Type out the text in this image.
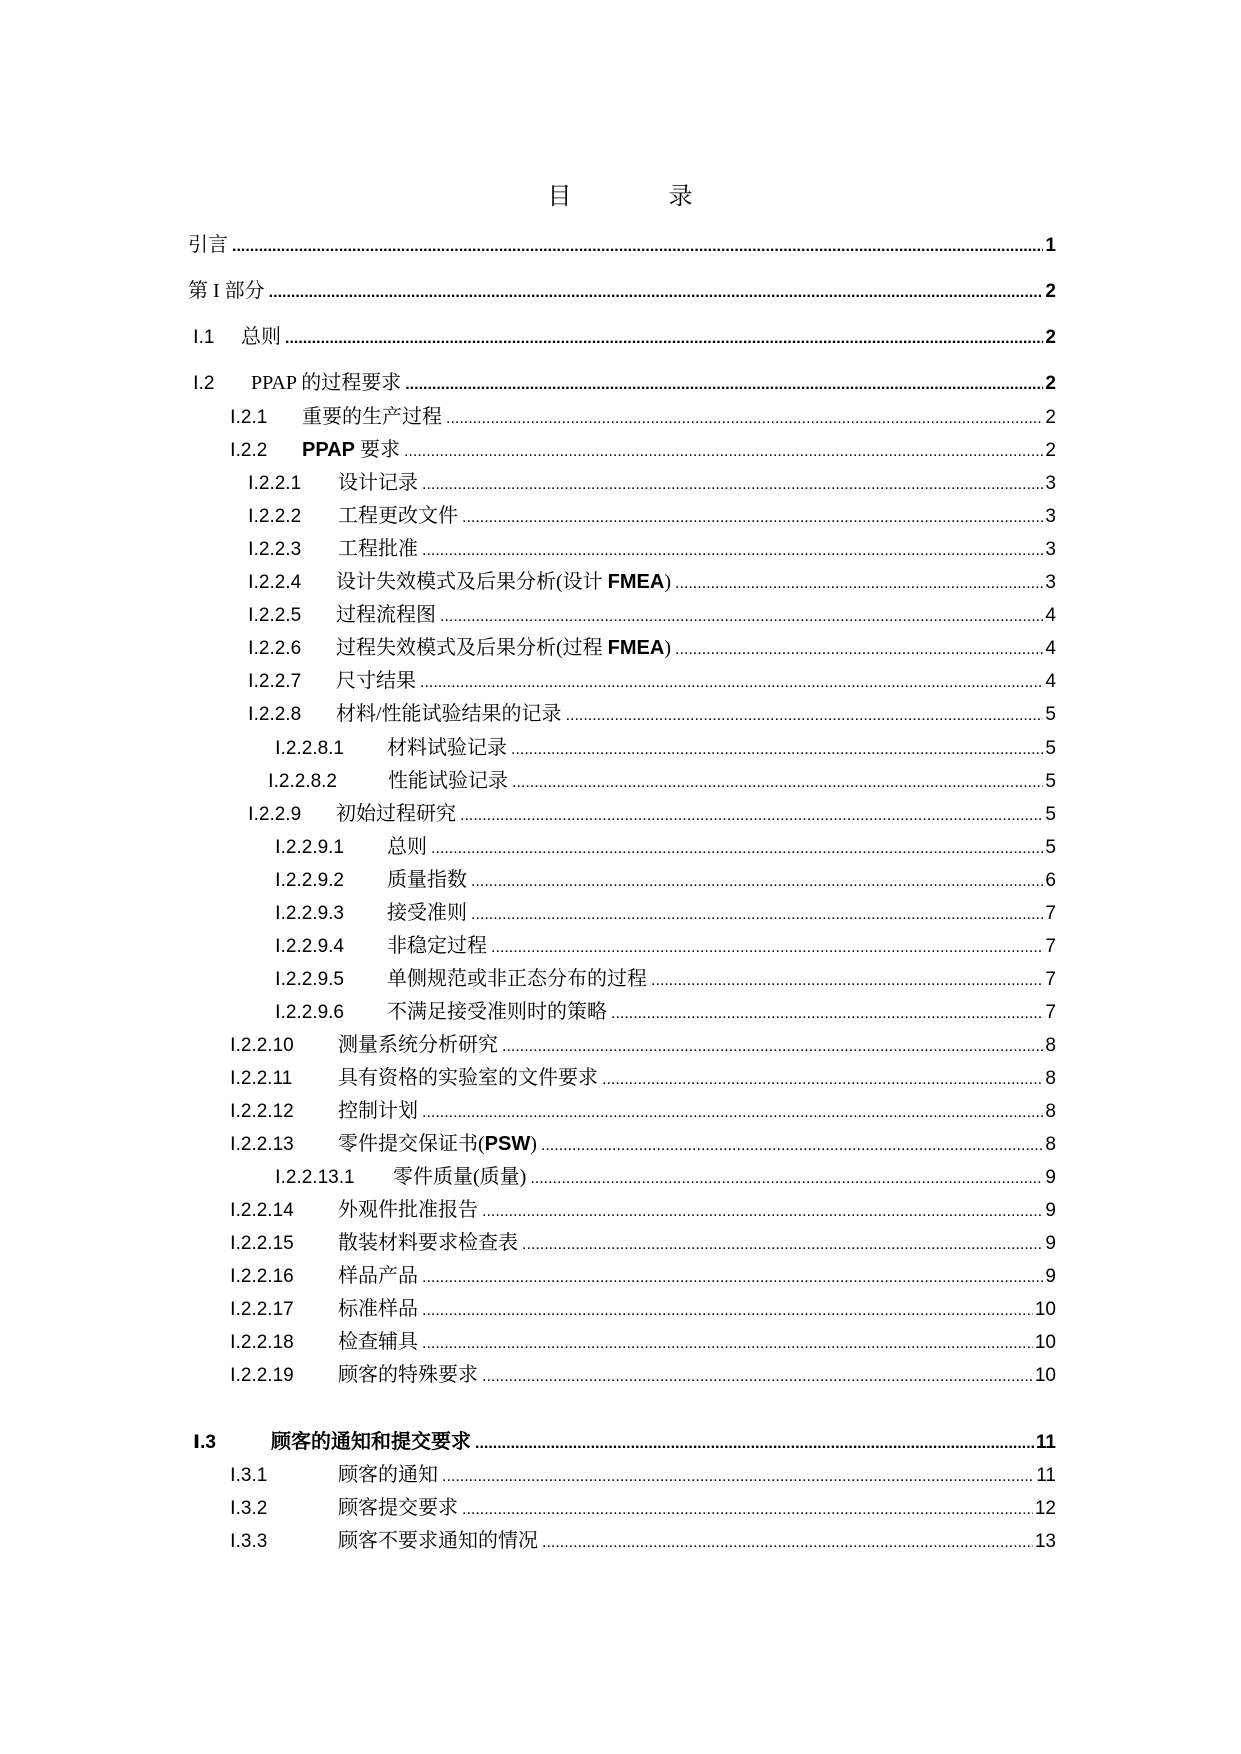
目	录
引言 .....	1
第 I 部分 .....	2
Ⅰ.1	总则 .....	2
Ⅰ.2	PPAP 的过程要求 .....	2
Ⅰ.2.1	重要的生产过程 .....	2
Ⅰ.2.2	PPAP 要求 .....	2
Ⅰ.2.2.1	设计记录 .....	3
Ⅰ.2.2.2	工程更改文件 .....	3
Ⅰ.2.2.3	工程批准 .....	3
Ⅰ.2.2.4	设计失效模式及后果分析(设计 FMEA) .....	3
Ⅰ.2.2.5	过程流程图 .....	4
Ⅰ.2.2.6	过程失效模式及后果分析(过程 FMEA) .....	4
Ⅰ.2.2.7	尺寸结果 .....	4
Ⅰ.2.2.8	材料/性能试验结果的记录 .....	5
Ⅰ.2.2.8.1	材料试验记录 .....	5
Ⅰ.2.2.8.2	性能试验记录 .....	5
Ⅰ.2.2.9	初始过程研究 .....	5
Ⅰ.2.2.9.1	总则 .....	5
Ⅰ.2.2.9.2	质量指数 .....	6
Ⅰ.2.2.9.3	接受准则 .....	7
Ⅰ.2.2.9.4	非稳定过程 .....	7
Ⅰ.2.2.9.5	单侧规范或非正态分布的过程 .....	7
Ⅰ.2.2.9.6	不满足接受准则时的策略 .....	7
Ⅰ.2.2.10	测量系统分析研究 .....	8
Ⅰ.2.2.11	具有资格的实验室的文件要求 .....	8
Ⅰ.2.2.12	控制计划 .....	8
Ⅰ.2.2.13	零件提交保证书(PSW) .....	8
Ⅰ.2.2.13.1	零件质量(质量) .....	9
Ⅰ.2.2.14	外观件批准报告 .....	9
Ⅰ.2.2.15	散装材料要求检查表 .....	9
Ⅰ.2.2.16	样品产品 .....	9
Ⅰ.2.2.17	标准样品 .....	10
Ⅰ.2.2.18	检查辅具 .....	10
Ⅰ.2.2.19	顾客的特殊要求 .....	10
Ⅰ.3	顾客的通知和提交要求 .....	11
Ⅰ.3.1	顾客的通知 .....	11
Ⅰ.3.2	顾客提交要求 .....	12
Ⅰ.3.3	顾客不要求通知的情况 .....	13
